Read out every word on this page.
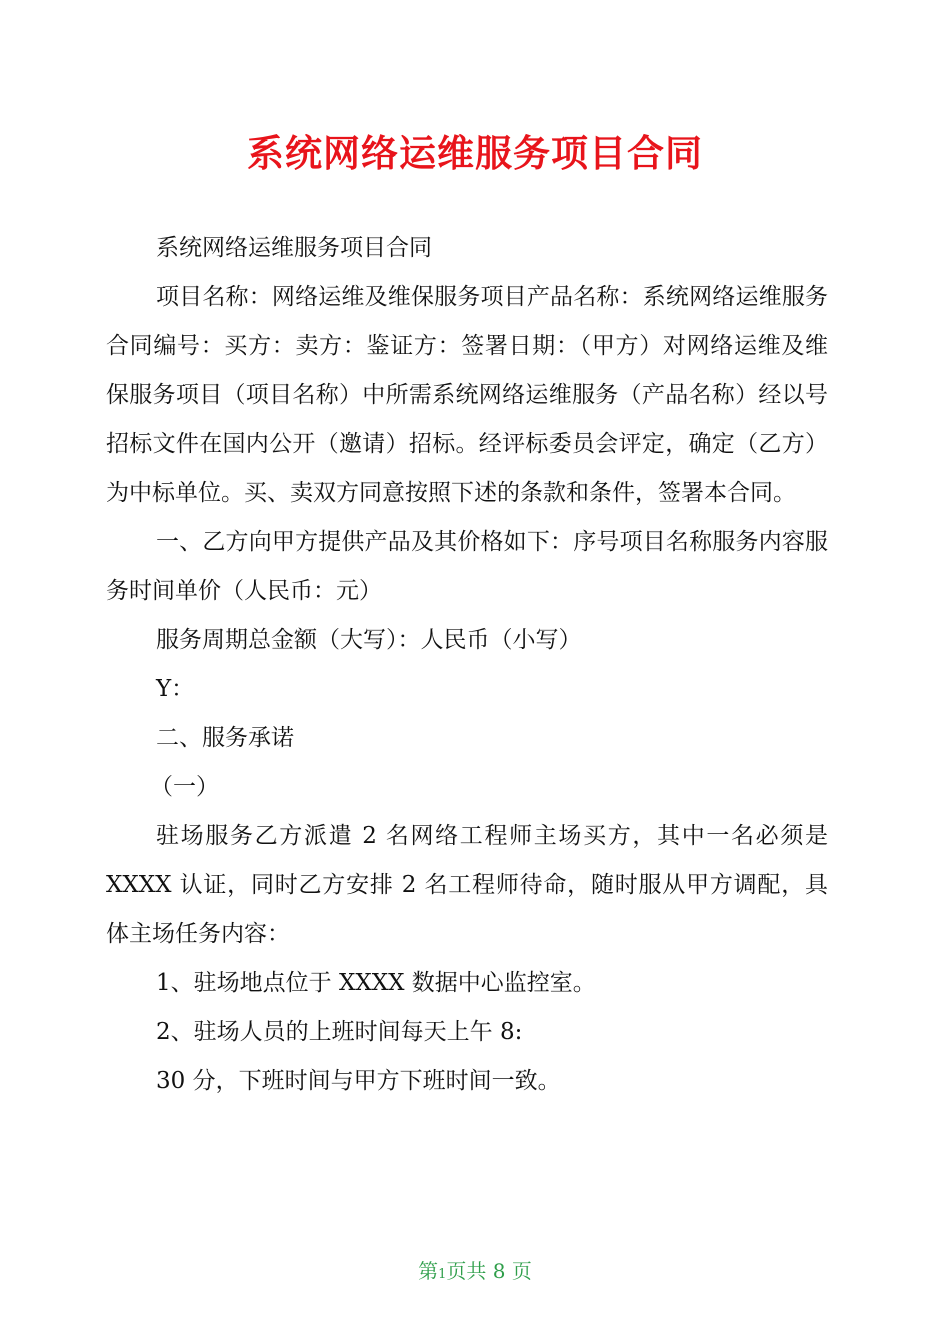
系统网络运维服务项目合同

系统网络运维服务项目合同

项目名称：网络运维及维保服务项目产品名称：系统网络运维服务合同编号：买方：卖方：鉴证方：签署日期：（甲方）对网络运维及维保服务项目（项目名称）中所需系统网络运维服务（产品名称）经以号招标文件在国内公开（邀请）招标。经评标委员会评定，确定（乙方）为中标单位。买、卖双方同意按照下述的条款和条件，签署本合同。

一、乙方向甲方提供产品及其价格如下：序号项目名称服务内容服务时间单价（人民币：元）

服务周期总金额（大写）：人民币（小写）

Y：

二、服务承诺

（一）

驻场服务乙方派遣 2 名网络工程师主场买方，其中一名必须是 XXXX 认证，同时乙方安排 2 名工程师待命，随时服从甲方调配，具体主场任务内容：

1、驻场地点位于 XXXX 数据中心监控室。

2、驻场人员的上班时间每天上午 8:

30 分，下班时间与甲方下班时间一致。

第1页共 8 页
